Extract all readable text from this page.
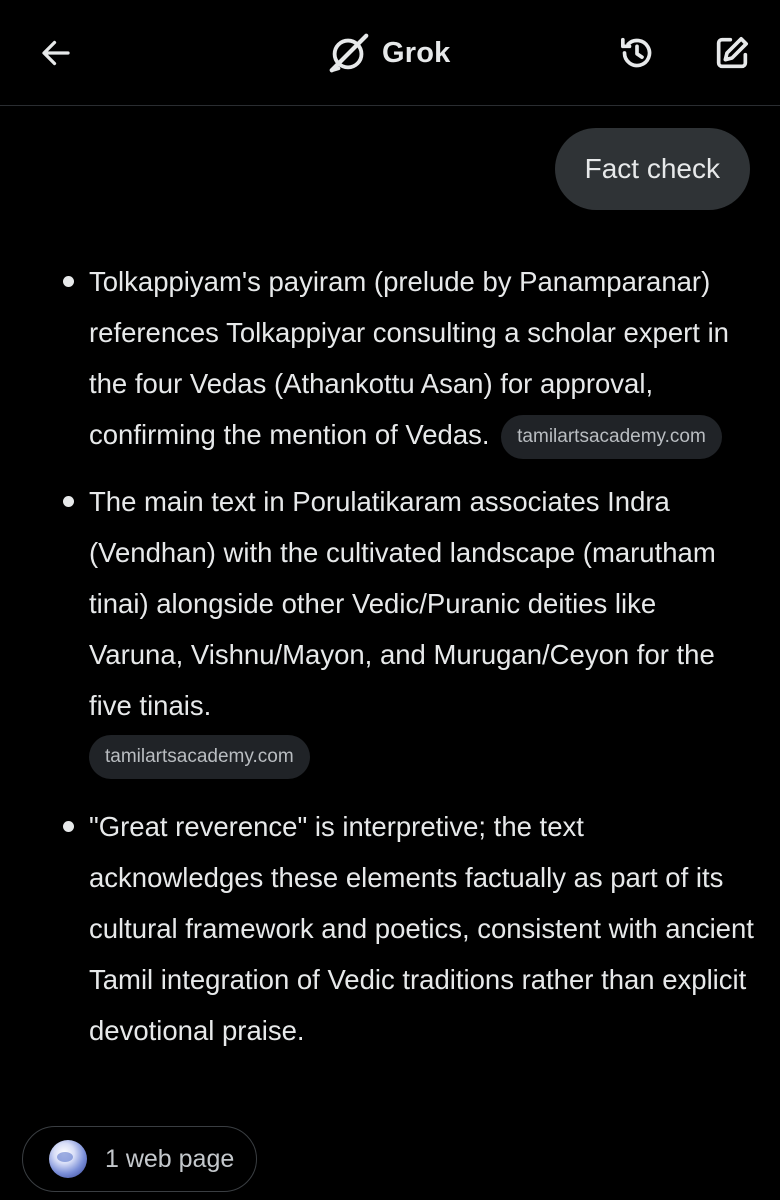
Grok
Fact check
Tolkappiyam's payiram (prelude by Panamparanar) references Tolkappiyar consulting a scholar expert in the four Vedas (Athankottu Asan) for approval, confirming the mention of Vedas. tamilartsacademy.com
The main text in Porulatikaram associates Indra (Vendhan) with the cultivated landscape (marutham tinai) alongside other Vedic/Puranic deities like Varuna, Vishnu/Mayon, and Murugan/Ceyon for the five tinais.
tamilartsacademy.com
"Great reverence" is interpretive; the text acknowledges these elements factually as part of its cultural framework and poetics, consistent with ancient Tamil integration of Vedic traditions rather than explicit devotional praise.
1 web page
